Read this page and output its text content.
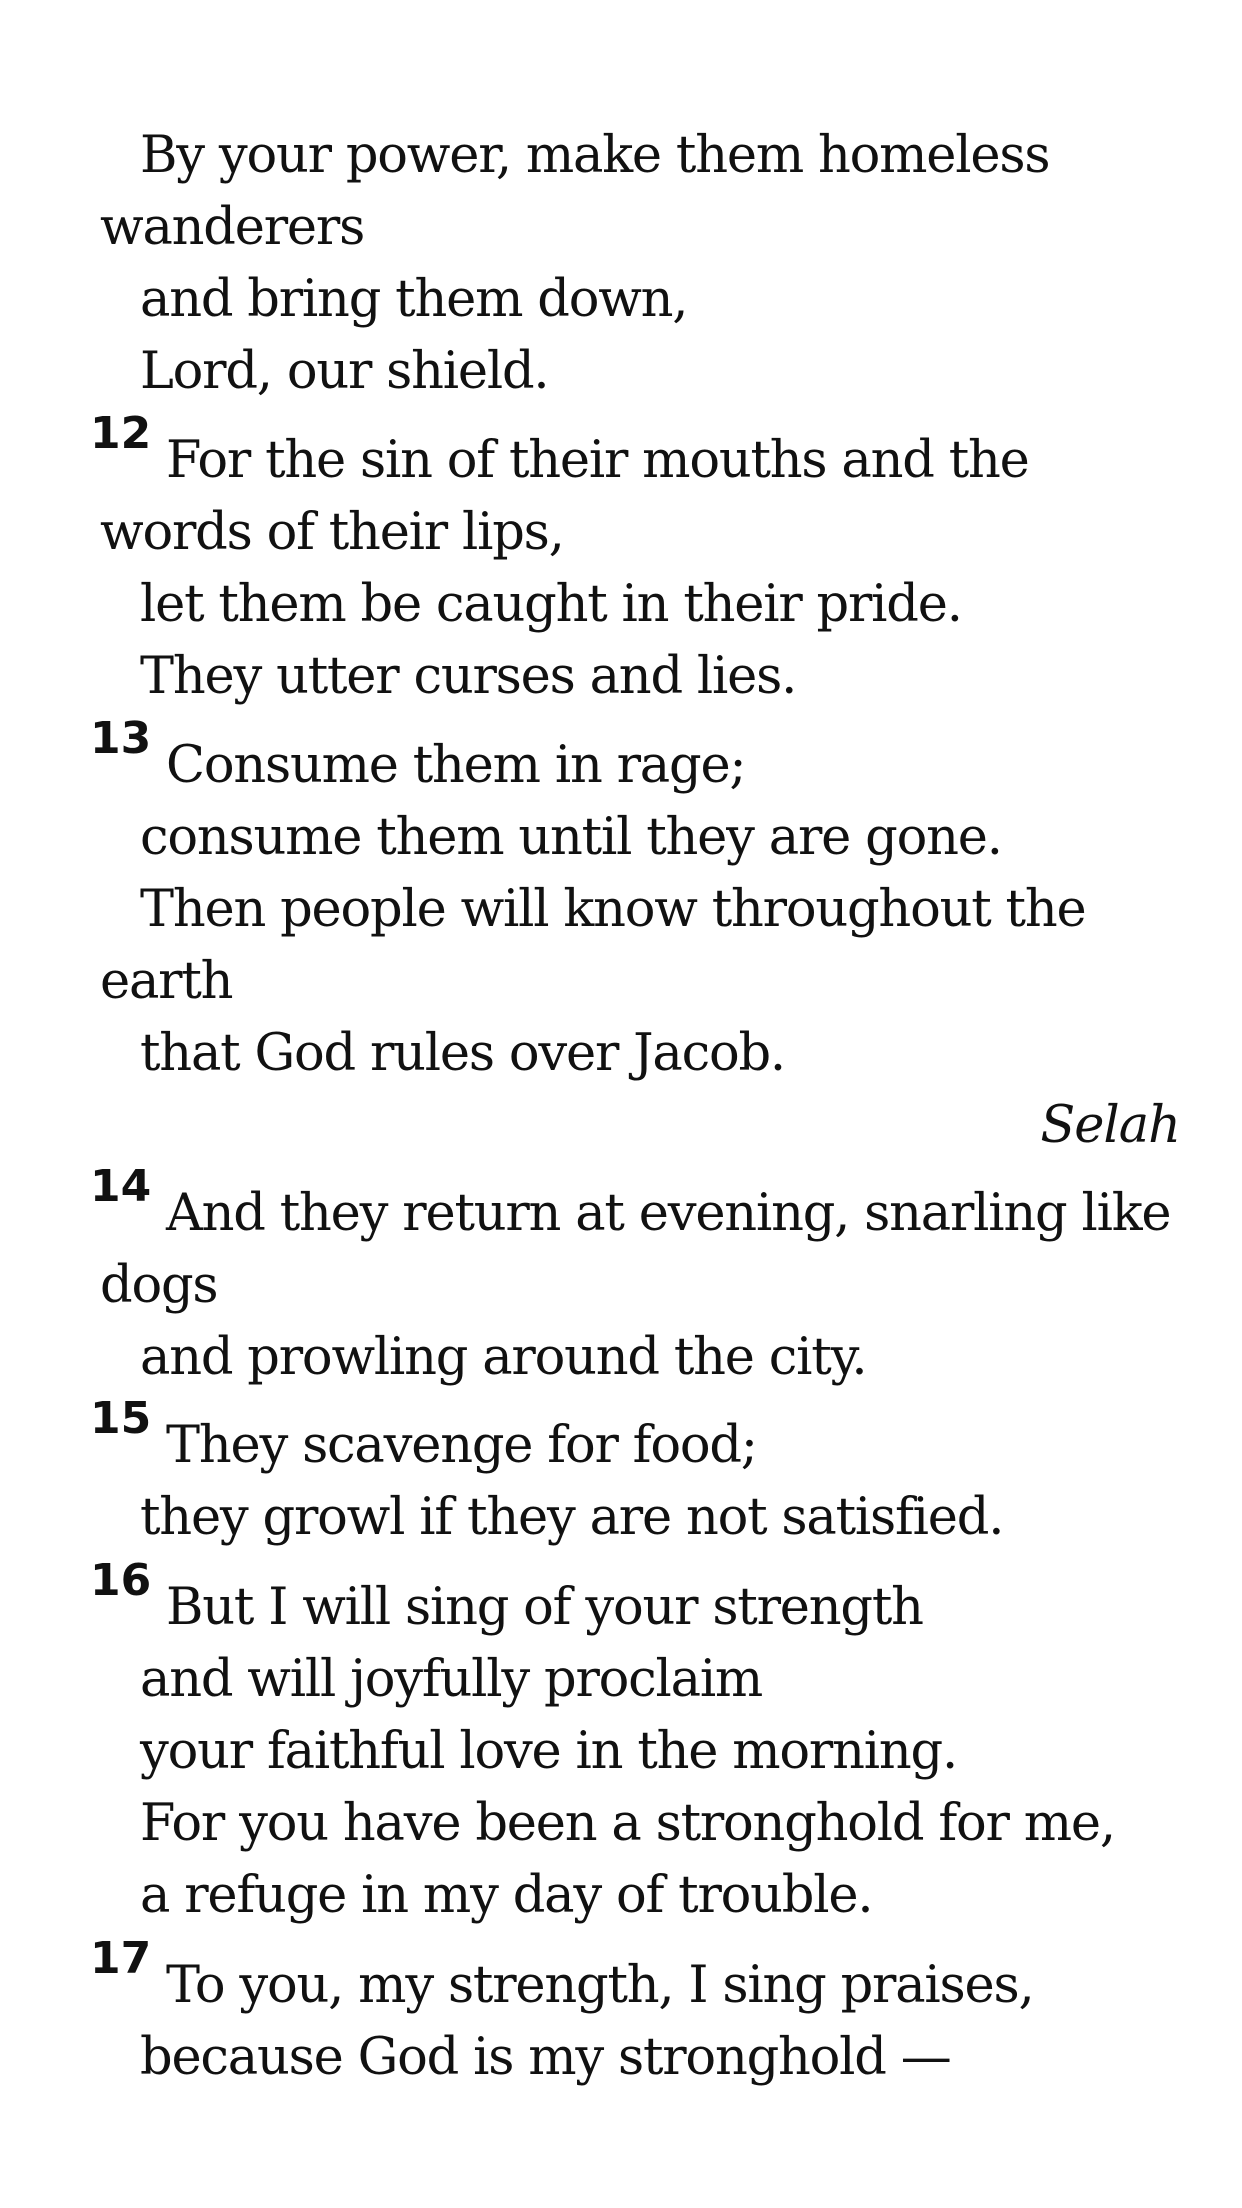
By your power, make them homeless
wanderers
and bring them down,
Lord, our shield.
12 For the sin of their mouths and the
words of their lips,
let them be caught in their pride.
They utter curses and lies.
13 Consume them in rage;
consume them until they are gone.
Then people will know throughout the
earth
that God rules over Jacob.
Selah
14 And they return at evening, snarling like
dogs
and prowling around the city.
15 They scavenge for food;
they growl if they are not satisfied.
16 But I will sing of your strength
and will joyfully proclaim
your faithful love in the morning.
For you have been a stronghold for me,
a refuge in my day of trouble.
17 To you, my strength, I sing praises,
because God is my stronghold —
